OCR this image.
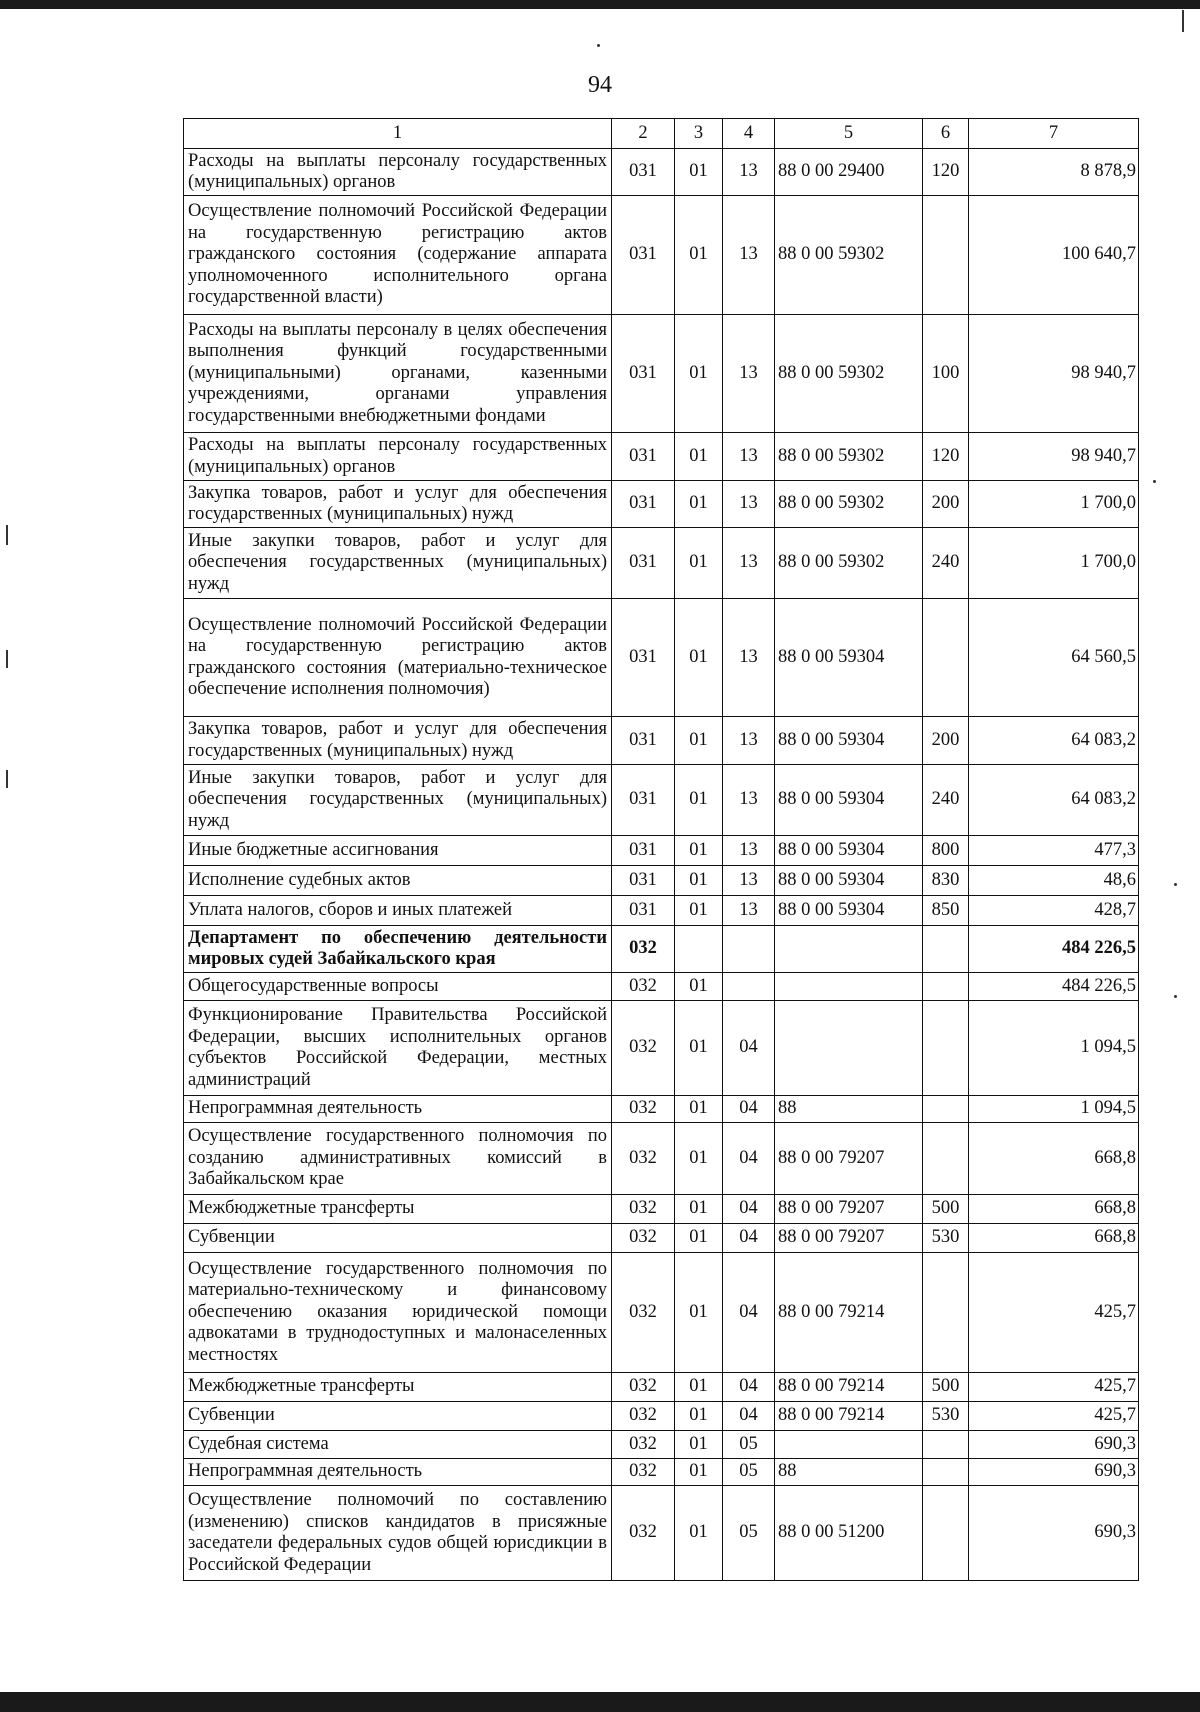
94
1	2	3	4	5	6	7
Расходы на выплаты персоналу государственных (муниципальных) органов	031	01	13	88 0 00 29400	120	8 878,9
Осуществление полномочий Российской Федерации на государственную регистрацию актов гражданского состояния (содержание аппарата уполномоченного исполнительного органа государственной власти)	031	01	13	88 0 00 59302		100 640,7
Расходы на выплаты персоналу в целях обеспечения выполнения функций государственными (муниципальными) органами, казенными учреждениями, органами управления государственными внебюджетными фондами	031	01	13	88 0 00 59302	100	98 940,7
Расходы на выплаты персоналу государственных (муниципальных) органов	031	01	13	88 0 00 59302	120	98 940,7
Закупка товаров, работ и услуг для обеспечения государственных (муниципальных) нужд	031	01	13	88 0 00 59302	200	1 700,0
Иные закупки товаров, работ и услуг для обеспечения государственных (муниципальных) нужд	031	01	13	88 0 00 59302	240	1 700,0
Осуществление полномочий Российской Федерации на государственную регистрацию актов гражданского состояния (материально-техническое обеспечение исполнения полномочия)	031	01	13	88 0 00 59304		64 560,5
Закупка товаров, работ и услуг для обеспечения государственных (муниципальных) нужд	031	01	13	88 0 00 59304	200	64 083,2
Иные закупки товаров, работ и услуг для обеспечения государственных (муниципальных) нужд	031	01	13	88 0 00 59304	240	64 083,2
Иные бюджетные ассигнования	031	01	13	88 0 00 59304	800	477,3
Исполнение судебных актов	031	01	13	88 0 00 59304	830	48,6
Уплата налогов, сборов и иных платежей	031	01	13	88 0 00 59304	850	428,7
Департамент по обеспечению деятельности мировых судей Забайкальского края	032					484 226,5
Общегосударственные вопросы	032	01				484 226,5
Функционирование Правительства Российской Федерации, высших исполнительных органов субъектов Российской Федерации, местных администраций	032	01	04			1 094,5
Непрограммная деятельность	032	01	04	88		1 094,5
Осуществление государственного полномочия по созданию административных комиссий в Забайкальском крае	032	01	04	88 0 00 79207		668,8
Межбюджетные трансферты	032	01	04	88 0 00 79207	500	668,8
Субвенции	032	01	04	88 0 00 79207	530	668,8
Осуществление государственного полномочия по материально-техническому и финансовому обеспечению оказания юридической помощи адвокатами в труднодоступных и малонаселенных местностях	032	01	04	88 0 00 79214		425,7
Межбюджетные трансферты	032	01	04	88 0 00 79214	500	425,7
Субвенции	032	01	04	88 0 00 79214	530	425,7
Судебная система	032	01	05			690,3
Непрограммная деятельность	032	01	05	88		690,3
Осуществление полномочий по составлению (изменению) списков кандидатов в присяжные заседатели федеральных судов общей юрисдикции в Российской Федерации	032	01	05	88 0 00 51200		690,3
